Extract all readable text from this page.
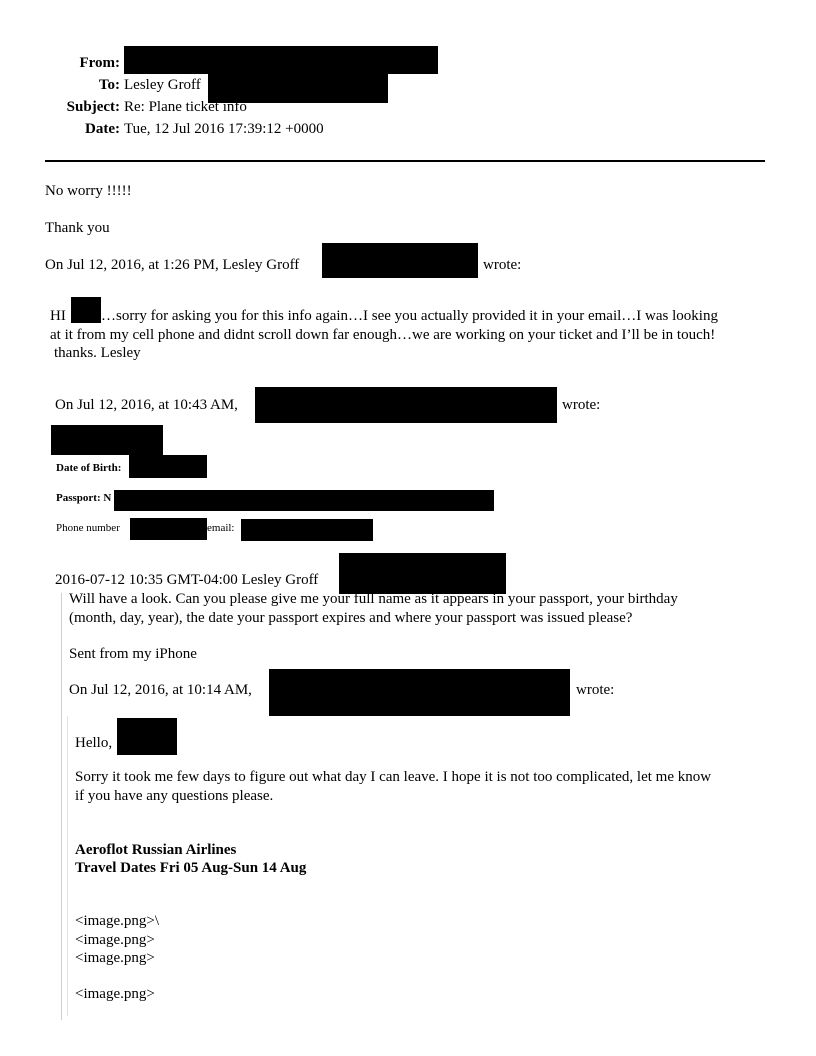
From:
To: Lesley Groff
Subject: Re: Plane ticket info
Date: Tue, 12 Jul 2016 17:39:12 +0000
No worry !!!!!
Thank you
On Jul 12, 2016, at 1:26 PM, Lesley Groff	wrote:
HI …sorry for asking you for this info again…I see you actually provided it in your email…I was looking
at it from my cell phone and didnt scroll down far enough…we are working on your ticket and I’ll be in touch!
thanks. Lesley
On Jul 12, 2016, at 10:43 AM,	wrote:
Date of Birth:
Passport: N
Phone number	email:
2016-07-12 10:35 GMT-04:00 Lesley Groff
Will have a look. Can you please give me your full name as it appears in your passport, your birthday
(month, day, year), the date your passport expires and where your passport was issued please?
Sent from my iPhone
On Jul 12, 2016, at 10:14 AM,	wrote:
Hello,
Sorry it took me few days to figure out what day I can leave. I hope it is not too complicated, let me know
if you have any questions please.
Aeroflot Russian Airlines
Travel Dates Fri 05 Aug-Sun 14 Aug
<image.png>\
<image.png>
<image.png>
<image.png>
